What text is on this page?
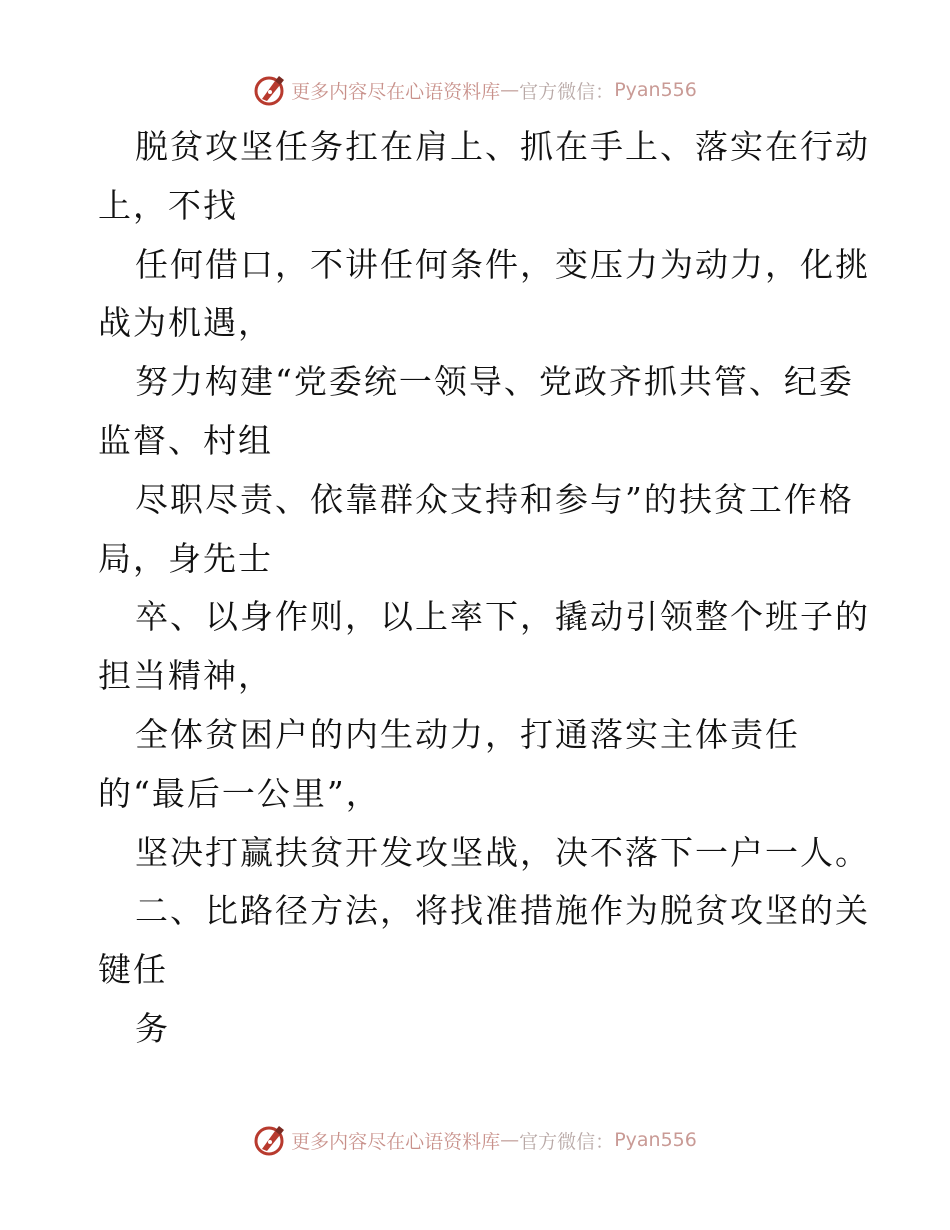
更多内容尽在心语资料库 — 官方微信： Pyan556
脱贫攻坚任务扛在肩上、抓在手上、落实在行动
上，不找
任何借口，不讲任何条件，变压力为动力，化挑
战为机遇，
努力构建“党委统一领导、党政齐抓共管、纪委
监督、村组
尽职尽责、依靠群众支持和参与”的扶贫工作格
局，身先士
卒、以身作则，以上率下，撬动引领整个班子的
担当精神，
全体贫困户的内生动力，打通落实主体责任
的“最后一公里”，
坚决打赢扶贫开发攻坚战，决不落下一户一人。
二、比路径方法，将找准措施作为脱贫攻坚的关
键任
务
更多内容尽在心语资料库 — 官方微信： Pyan556
